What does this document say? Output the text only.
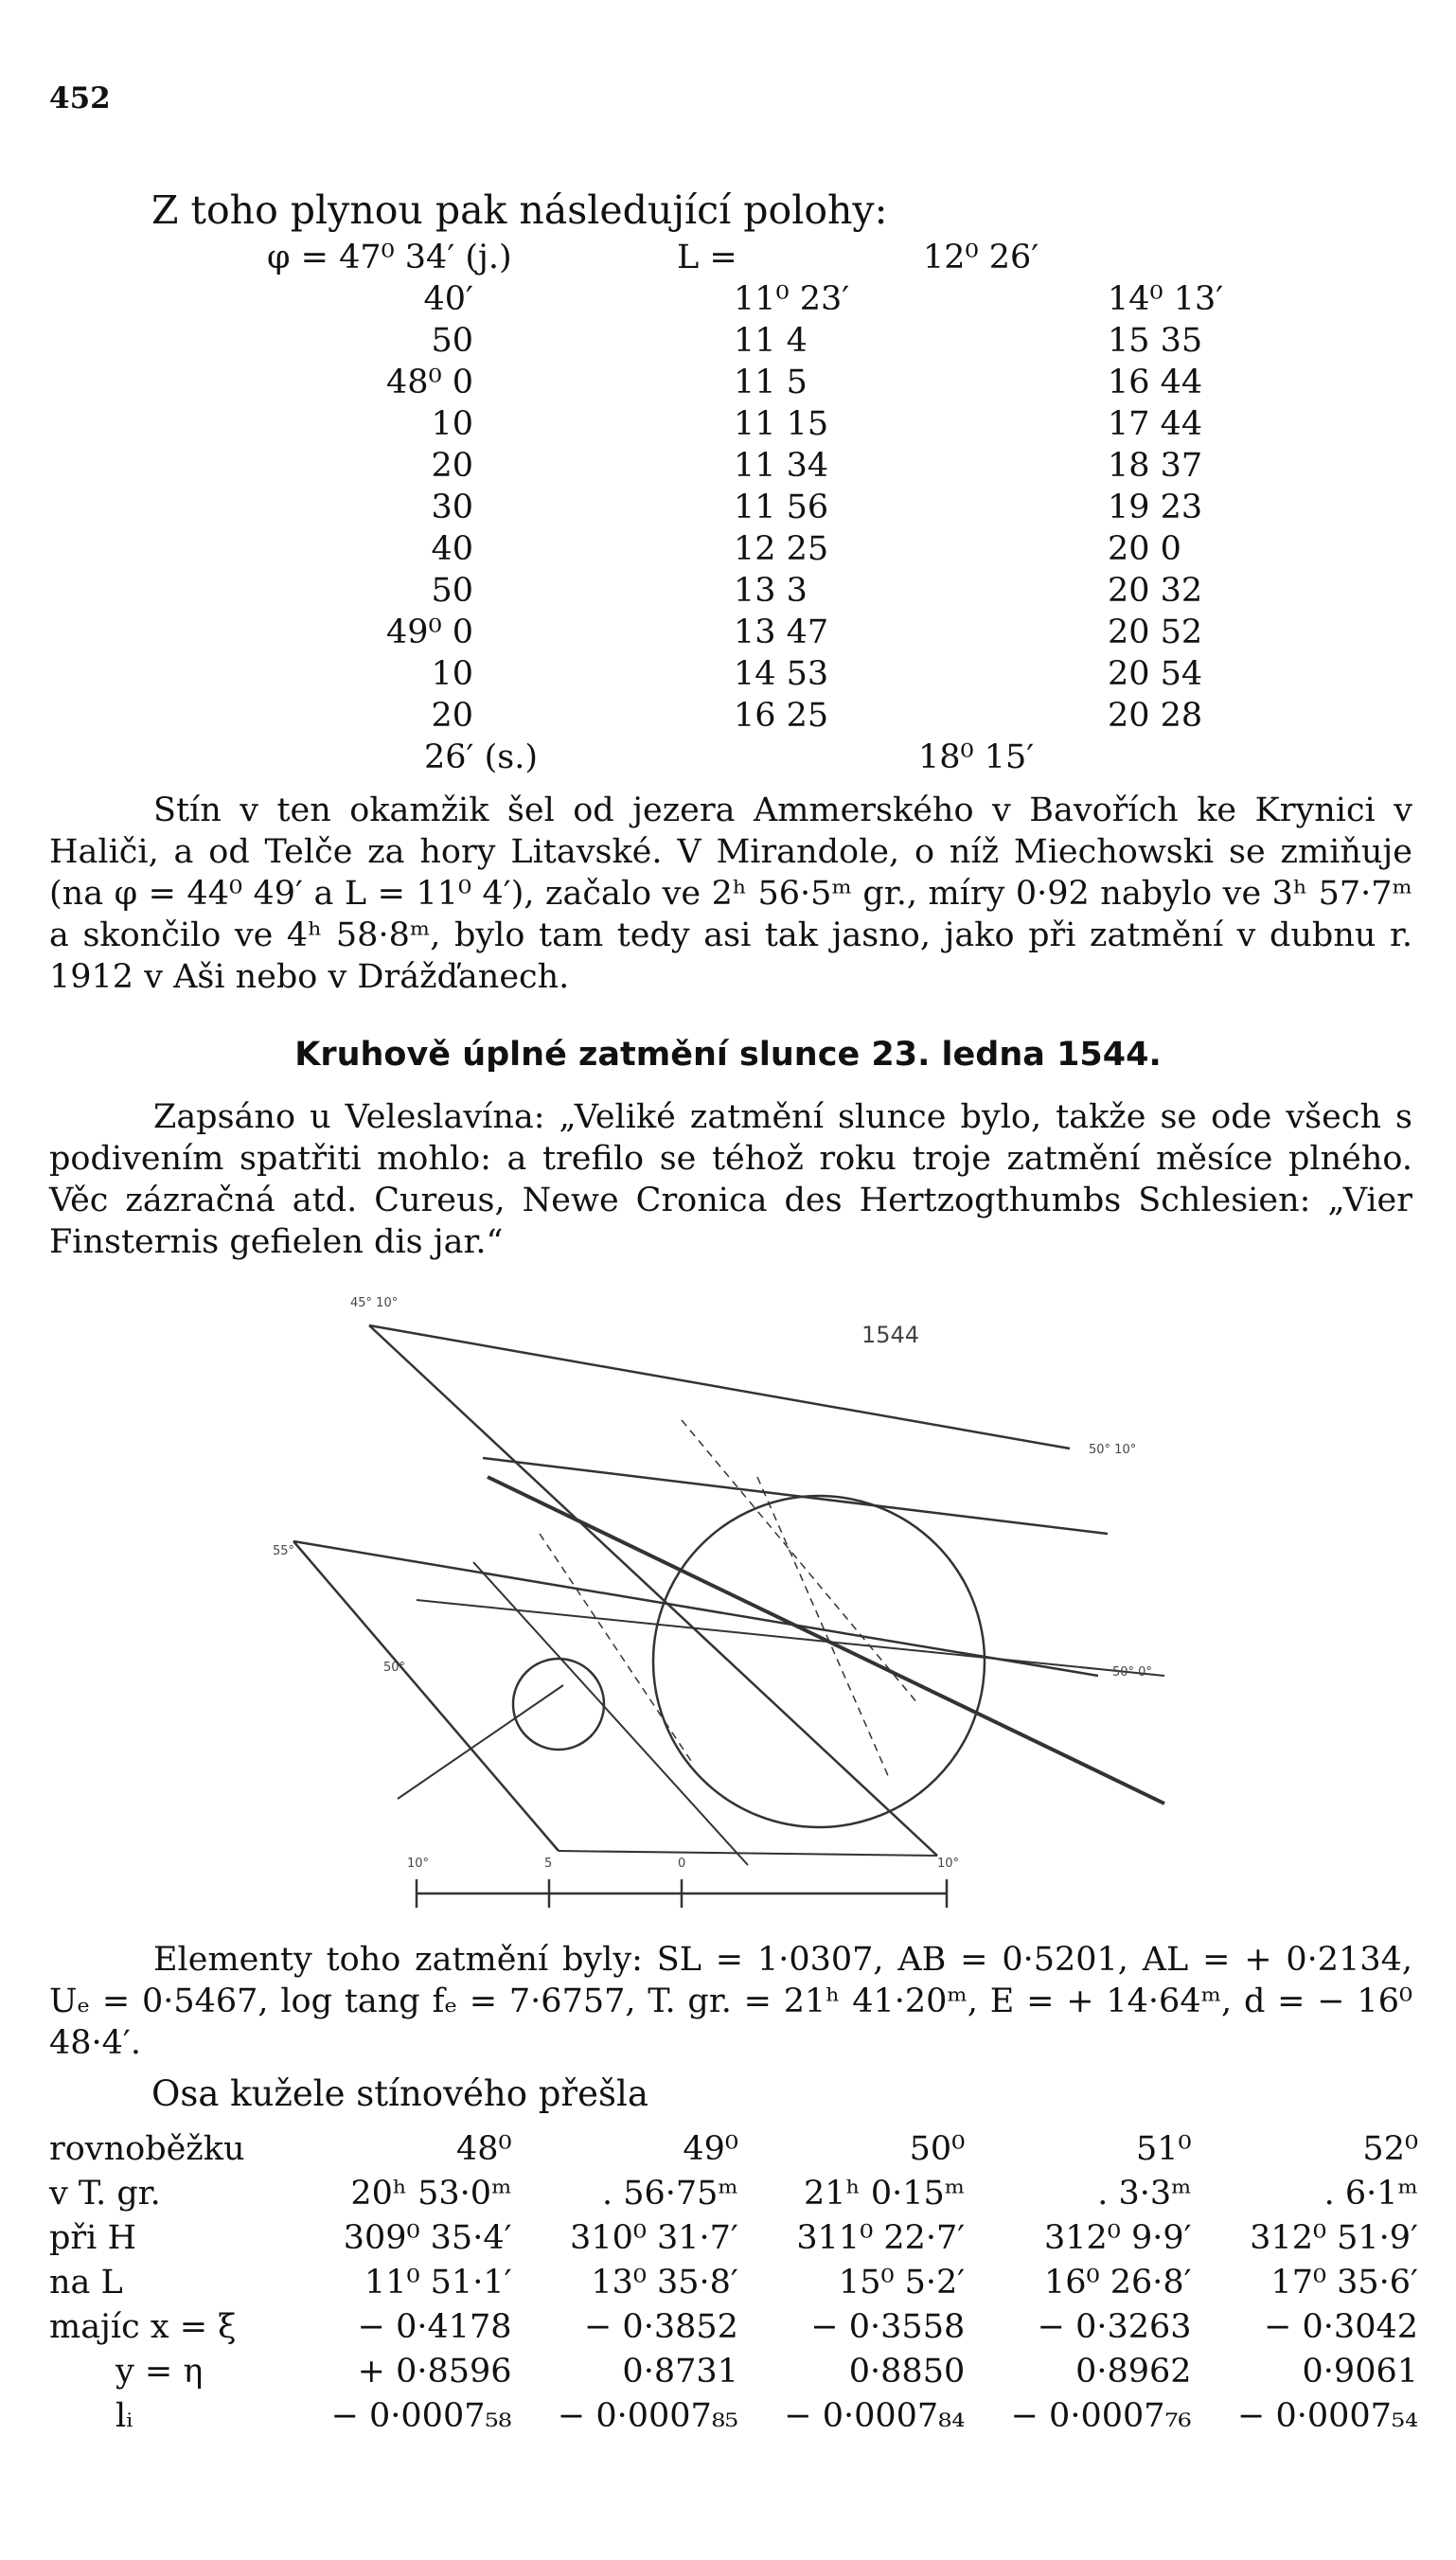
452
Z toho plynou pak následující polohy:
φ = 47⁰ 34′ (j.)	L =	12⁰ 26′
40′	11⁰ 23′	14⁰ 13′
50	11 4	15 35
48⁰ 0	11 5	16 44
10	11 15	17 44
20	11 34	18 37
30	11 56	19 23
40	12 25	20 0
50	13 3	20 32
49⁰ 0	13 47	20 52
10	14 53	20 54
20	16 25	20 28
26′ (s.)	18⁰ 15′

Stín v ten okamžik šel od jezera Ammerského v Bavořích ke Krynici v Haliči, a od Telče za hory Litavské. V Mirandole, o níž Miechowski se zmiňuje (na φ = 44⁰ 49′ a L = 11⁰ 4′), začalo ve 2ʰ 56·5ᵐ gr., míry 0·92 nabylo ve 3ʰ 57·7ᵐ a skončilo ve 4ʰ 58·8ᵐ, bylo tam tedy asi tak jasno, jako při zatmění v dubnu r. 1912 v Aši nebo v Drážďanech.

Kruhově úplné zatmění slunce 23. ledna 1544.

Zapsáno u Veleslavína: „Veliké zatmění slunce bylo, takže se ode všech s podivením spatřiti mohlo: a trefilo se téhož roku troje zatmění měsíce plného. Věc zázračná atd. Cureus, Newe Cronica des Hertzogthumbs Schlesien: „Vier Finsternis gefielen dis jar.“

1544
45° 10°
50° 10°
50° 0°
50°
55°
10°	5	0	10°

Elementy toho zatmění byly: SL = 1·0307, AB = 0·5201, AL = + 0·2134, Uₑ = 0·5467, log tang fₑ = 7·6757, T. gr. = 21ʰ 41·20ᵐ, E = + 14·64ᵐ, d = − 16⁰ 48·4′.

Osa kužele stínového přešla
rovnoběžku	48⁰	49⁰	50⁰	51⁰	52⁰
v T. gr.	20ʰ 53·0ᵐ	. 56·75ᵐ	21ʰ 0·15ᵐ	. 3·3ᵐ	. 6·1ᵐ
při H	309⁰ 35·4′	310⁰ 31·7′	311⁰ 22·7′	312⁰ 9·9′	312⁰ 51·9′
na L	11⁰ 51·1′	13⁰ 35·8′	15⁰ 5·2′	16⁰ 26·8′	17⁰ 35·6′
majíc x = ξ	− 0·4178	− 0·3852	− 0·3558	− 0·3263	− 0·3042
y = η	+ 0·8596	0·8731	0·8850	0·8962	0·9061
lᵢ	− 0·0007₅₈	− 0·0007₈₅	− 0·0007₈₄	− 0·0007₇₆	− 0·0007₅₄
